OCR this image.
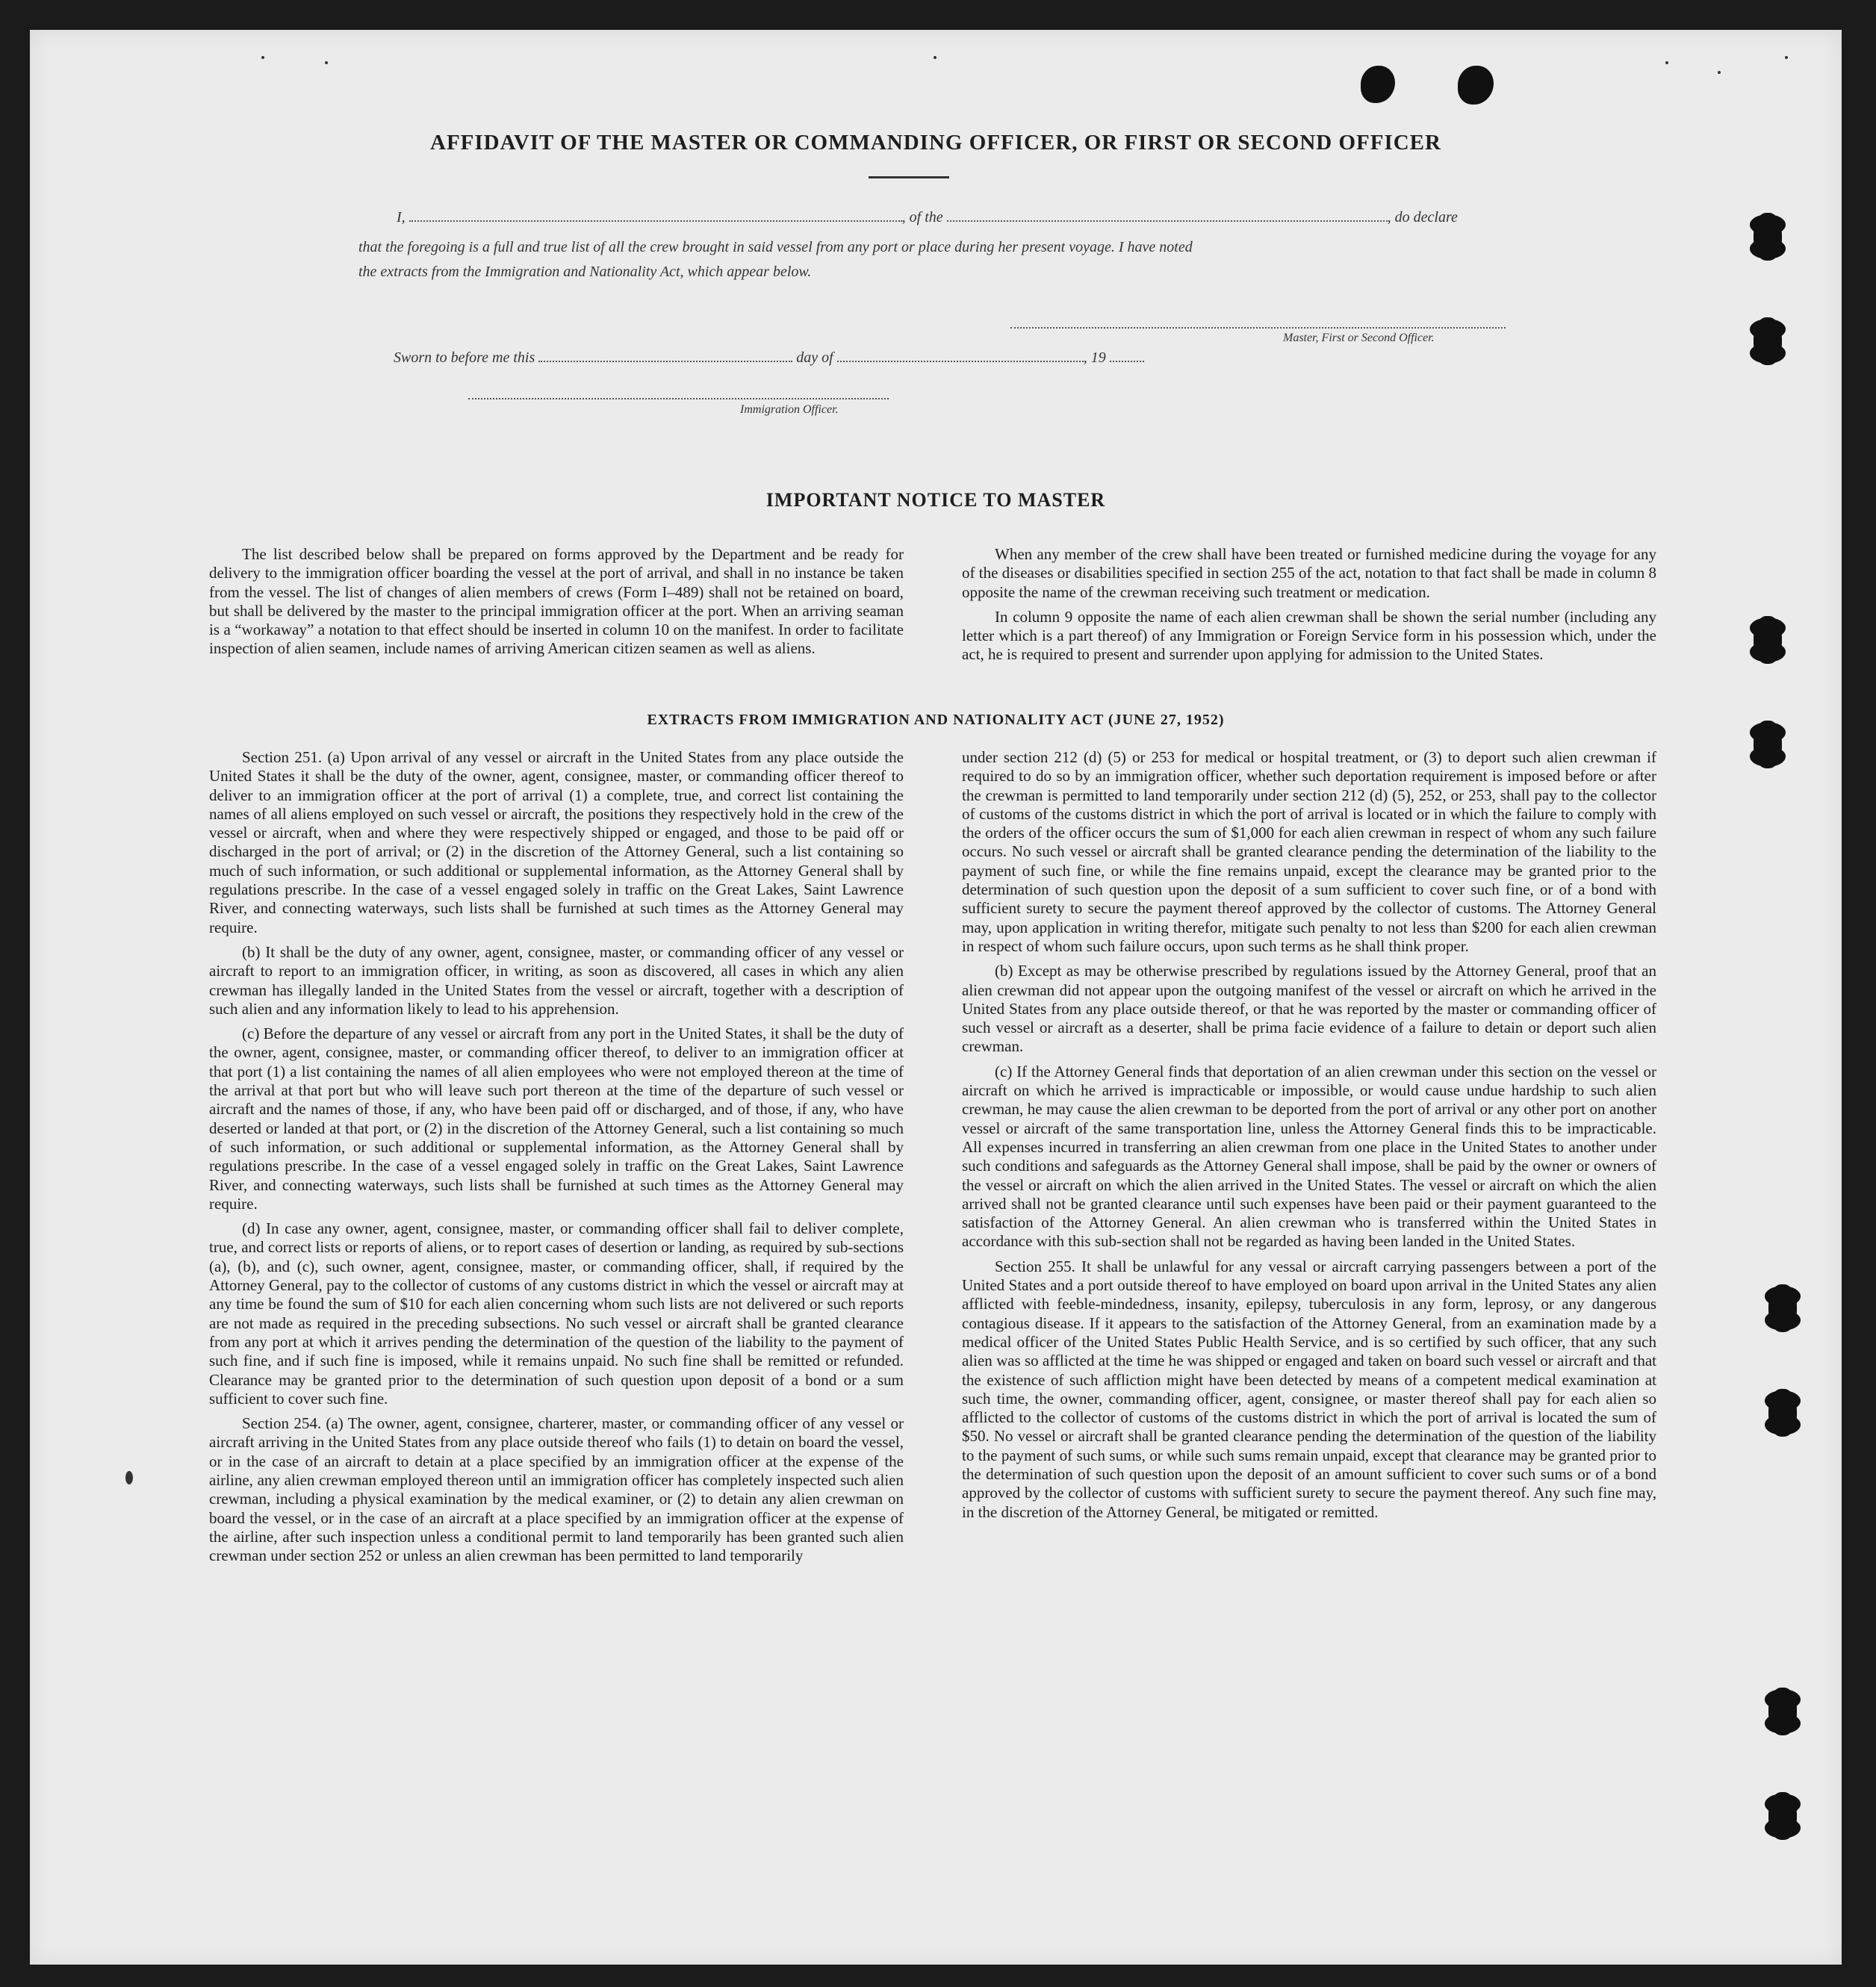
AFFIDAVIT OF THE MASTER OR COMMANDING OFFICER, OR FIRST OR SECOND OFFICER
I,	, of the	, do declare
that the foregoing is a full and true list of all the crew brought in said vessel from any port or place during her present voyage. I have noted
the extracts from the Immigration and Nationality Act, which appear below.
Master, First or Second Officer.
Sworn to before me this	day of	, 19
Immigration Officer.
IMPORTANT NOTICE TO MASTER

The list described below shall be prepared on forms approved by the Department and be ready for delivery to the immigration officer boarding the vessel at the port of arrival, and shall in no instance be taken from the vessel. The list of changes of alien members of crews (Form I–489) shall not be retained on board, but shall be delivered by the master to the principal immigration officer at the port. When an arriving seaman is a “workaway” a notation to that effect should be inserted in column 10 on the manifest. In order to facilitate inspection of alien seamen, include names of arriving American citizen seamen as well as aliens.

When any member of the crew shall have been treated or furnished medicine during the voyage for any of the diseases or disabilities specified in section 255 of the act, notation to that fact shall be made in column 8 opposite the name of the crewman receiving such treatment or medication.

In column 9 opposite the name of each alien crewman shall be shown the serial number (including any letter which is a part thereof) of any Immigration or Foreign Service form in his possession which, under the act, he is required to present and surrender upon applying for admission to the United States.

EXTRACTS FROM IMMIGRATION AND NATIONALITY ACT (JUNE 27, 1952)

Section 251. (a) Upon arrival of any vessel or aircraft in the United States from any place outside the United States it shall be the duty of the owner, agent, consignee, master, or commanding officer thereof to deliver to an immigration officer at the port of arrival (1) a complete, true, and correct list containing the names of all aliens employed on such vessel or aircraft, the positions they respectively hold in the crew of the vessel or aircraft, when and where they were respectively shipped or engaged, and those to be paid off or discharged in the port of arrival; or (2) in the discretion of the Attorney General, such a list containing so much of such information, or such additional or supplemental information, as the Attorney General shall by regulations prescribe. In the case of a vessel engaged solely in traffic on the Great Lakes, Saint Lawrence River, and connecting waterways, such lists shall be furnished at such times as the Attorney General may require.

(b) It shall be the duty of any owner, agent, consignee, master, or commanding officer of any vessel or aircraft to report to an immigration officer, in writing, as soon as discovered, all cases in which any alien crewman has illegally landed in the United States from the vessel or aircraft, together with a description of such alien and any information likely to lead to his apprehension.

(c) Before the departure of any vessel or aircraft from any port in the United States, it shall be the duty of the owner, agent, consignee, master, or commanding officer thereof, to deliver to an immigration officer at that port (1) a list containing the names of all alien employees who were not employed thereon at the time of the arrival at that port but who will leave such port thereon at the time of the departure of such vessel or aircraft and the names of those, if any, who have been paid off or discharged, and of those, if any, who have deserted or landed at that port, or (2) in the discretion of the Attorney General, such a list containing so much of such information, or such additional or supplemental information, as the Attorney General shall by regulations prescribe. In the case of a vessel engaged solely in traffic on the Great Lakes, Saint Lawrence River, and connecting waterways, such lists shall be furnished at such times as the Attorney General may require.

(d) In case any owner, agent, consignee, master, or commanding officer shall fail to deliver complete, true, and correct lists or reports of aliens, or to report cases of desertion or landing, as required by sub-sections (a), (b), and (c), such owner, agent, consignee, master, or commanding officer, shall, if required by the Attorney General, pay to the collector of customs of any customs district in which the vessel or aircraft may at any time be found the sum of $10 for each alien concerning whom such lists are not delivered or such reports are not made as required in the preceding subsections. No such vessel or aircraft shall be granted clearance from any port at which it arrives pending the determination of the question of the liability to the payment of such fine, and if such fine is imposed, while it remains unpaid. No such fine shall be remitted or refunded. Clearance may be granted prior to the determination of such question upon deposit of a bond or a sum sufficient to cover such fine.

Section 254. (a) The owner, agent, consignee, charterer, master, or commanding officer of any vessel or aircraft arriving in the United States from any place outside thereof who fails (1) to detain on board the vessel, or in the case of an aircraft to detain at a place specified by an immigration officer at the expense of the airline, any alien crewman employed thereon until an immigration officer has completely inspected such alien crewman, including a physical examination by the medical examiner, or (2) to detain any alien crewman on board the vessel, or in the case of an aircraft at a place specified by an immigration officer at the expense of the airline, after such inspection unless a conditional permit to land temporarily has been granted such alien crewman under section 252 or unless an alien crewman has been permitted to land temporarily

under section 212 (d) (5) or 253 for medical or hospital treatment, or (3) to deport such alien crewman if required to do so by an immigration officer, whether such deportation requirement is imposed before or after the crewman is permitted to land temporarily under section 212 (d) (5), 252, or 253, shall pay to the collector of customs of the customs district in which the port of arrival is located or in which the failure to comply with the orders of the officer occurs the sum of $1,000 for each alien crewman in respect of whom any such failure occurs. No such vessel or aircraft shall be granted clearance pending the determination of the liability to the payment of such fine, or while the fine remains unpaid, except the clearance may be granted prior to the determination of such question upon the deposit of a sum sufficient to cover such fine, or of a bond with sufficient surety to secure the payment thereof approved by the collector of customs. The Attorney General may, upon application in writing therefor, mitigate such penalty to not less than $200 for each alien crewman in respect of whom such failure occurs, upon such terms as he shall think proper.

(b) Except as may be otherwise prescribed by regulations issued by the Attorney General, proof that an alien crewman did not appear upon the outgoing manifest of the vessel or aircraft on which he arrived in the United States from any place outside thereof, or that he was reported by the master or commanding officer of such vessel or aircraft as a deserter, shall be prima facie evidence of a failure to detain or deport such alien crewman.

(c) If the Attorney General finds that deportation of an alien crewman under this section on the vessel or aircraft on which he arrived is impracticable or impossible, or would cause undue hardship to such alien crewman, he may cause the alien crewman to be deported from the port of arrival or any other port on another vessel or aircraft of the same transportation line, unless the Attorney General finds this to be impracticable. All expenses incurred in transferring an alien crewman from one place in the United States to another under such conditions and safeguards as the Attorney General shall impose, shall be paid by the owner or owners of the vessel or aircraft on which the alien arrived in the United States. The vessel or aircraft on which the alien arrived shall not be granted clearance until such expenses have been paid or their payment guaranteed to the satisfaction of the Attorney General. An alien crewman who is transferred within the United States in accordance with this sub-section shall not be regarded as having been landed in the United States.

Section 255. It shall be unlawful for any vessal or aircraft carrying passengers between a port of the United States and a port outside thereof to have employed on board upon arrival in the United States any alien afflicted with feeble-mindedness, insanity, epilepsy, tuberculosis in any form, leprosy, or any dangerous contagious disease. If it appears to the satisfaction of the Attorney General, from an examination made by a medical officer of the United States Public Health Service, and is so certified by such officer, that any such alien was so afflicted at the time he was shipped or engaged and taken on board such vessel or aircraft and that the existence of such affliction might have been detected by means of a competent medical examination at such time, the owner, commanding officer, agent, consignee, or master thereof shall pay for each alien so afflicted to the collector of customs of the customs district in which the port of arrival is located the sum of $50. No vessel or aircraft shall be granted clearance pending the determination of the question of the liability to the payment of such sums, or while such sums remain unpaid, except that clearance may be granted prior to the determination of such question upon the deposit of an amount sufficient to cover such sums or of a bond approved by the collector of customs with sufficient surety to secure the payment thereof. Any such fine may, in the discretion of the Attorney General, be mitigated or remitted.
